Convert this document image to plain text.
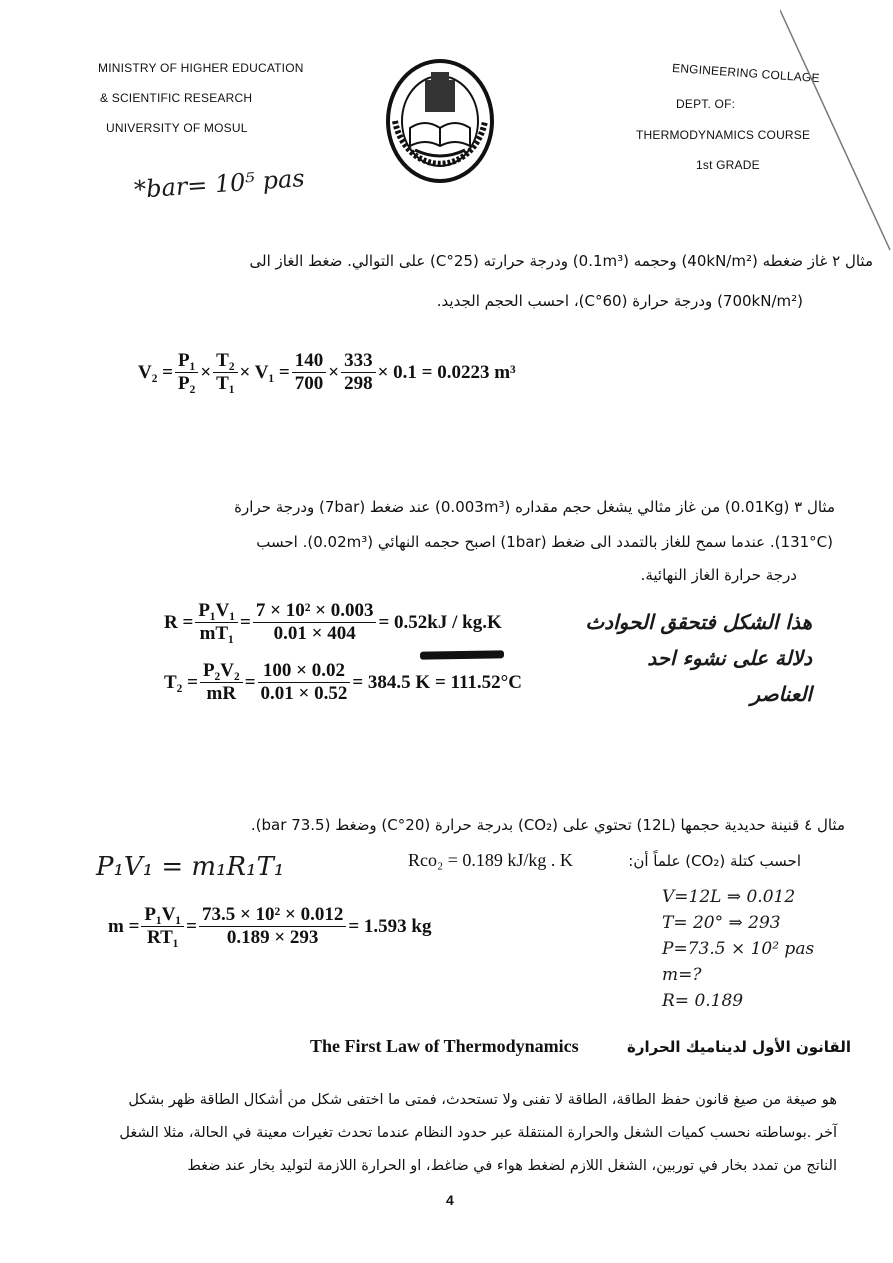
MINISTRY OF HIGHER EDUCATION
& SCIENTIFIC RESEARCH
UNIVERSITY OF MOSUL
ENGINEERING COLLAGE
DEPT. OF:
THERMODYNAMICS COURSE
1st GRADE
*bar= 10⁵ pas
مثال ٢ غاز ضغطه (40kN/m²) وحجمه (0.1m³) ودرجة حرارته (25°C) على التوالي. ضغط الغاز الى
(700kN/m²) ودرجة حرارة (60°C)، احسب الحجم الجديد.
$V_2 = \frac{\text{P₁}}{\text{P₂}} \times \frac{\text{T₂}}{\text{T₁}} \times V_1 = \frac{140}{700} \times \frac{333}{298} \times 0.1 = 0.0223$ m³
مثال ٣ (0.01Kg) من غاز مثالي يشغل حجم مقداره (0.003m³) عند ضغط (7bar) ودرجة حرارة
(131°C). عندما سمح للغاز بالتمدد الى ضغط (1bar) اصبح حجمه النهائي (0.02m³). احسب
درجة حرارة الغاز النهائية.
$R = \frac{\text{P₁V₁}}{\text{mT₁}} = \frac{\text{7 × 10² × 0.003}}{0.01 \times 404} = 0.52kJ / kg.K$
$T_2 = \frac{\text{P₂V₂}}{mR} = \frac{100 \times 0.02}{0.01 \times 0.52} = 384.5$ K = 111.52°C
هذا الشكل فتحقق الحوادث
دلالة على نشوء احد
العناصر
مثال ٤ قنينة حديدية حجمها (12L) تحتوي على (CO₂) بدرجة حرارة (20°C) وضغط (73.5 bar).
احسب كتلة (CO₂) علماً أن:
Rco₂ = 0.189 kJ/kg . K
P₁V₁ = m₁R₁T₁
$m = \frac{\text{P₁V₁}}{\text{RT₁}} = \frac{\text{73.5 × 10² × 0.012}}{0.189 \times 293} = 1.593$ kg
V=12L ⇒ 0.012
T= 20° ⇒ 293
P=73.5 × 10² pas
m=?
R= 0.189
The First Law of Thermodynamics	القانون الأول لديناميك الحرارة
هو صيغة من صيغ قانون حفظ الطاقة، الطاقة لا تفنى ولا تستحدث، فمتى ما اختفى شكل من أشكال الطاقة ظهر بشكل
آخر .بوساطته نحسب كميات الشغل والحرارة المنتقلة عبر حدود النظام عندما تحدث تغيرات معينة في الحالة، مثلا الشغل
الناتج من تمدد بخار في توربين، الشغل اللازم لضغط هواء في ضاغط، او الحرارة اللازمة لتوليد بخار عند ضغط
4
